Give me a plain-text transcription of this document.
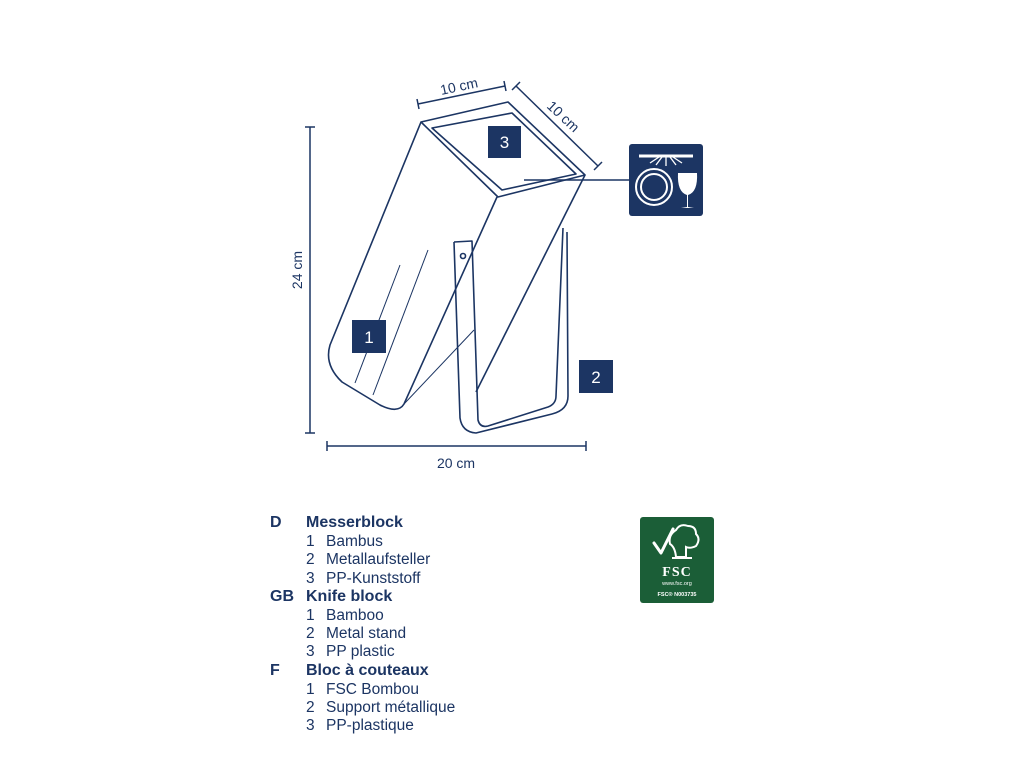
24 cm
20 cm
10 cm
10 cm
3
1
2
D	Messerblock
1 Bambus
2 Metallaufsteller
3 PP-Kunststoff
GB Knife block
1 Bamboo
2 Metal stand
3 PP plastic
F	Bloc à couteaux
1 FSC Bombou
2 Support métallique
3 PP-plastique
FSC
www.fsc.org
FSC® N003735
